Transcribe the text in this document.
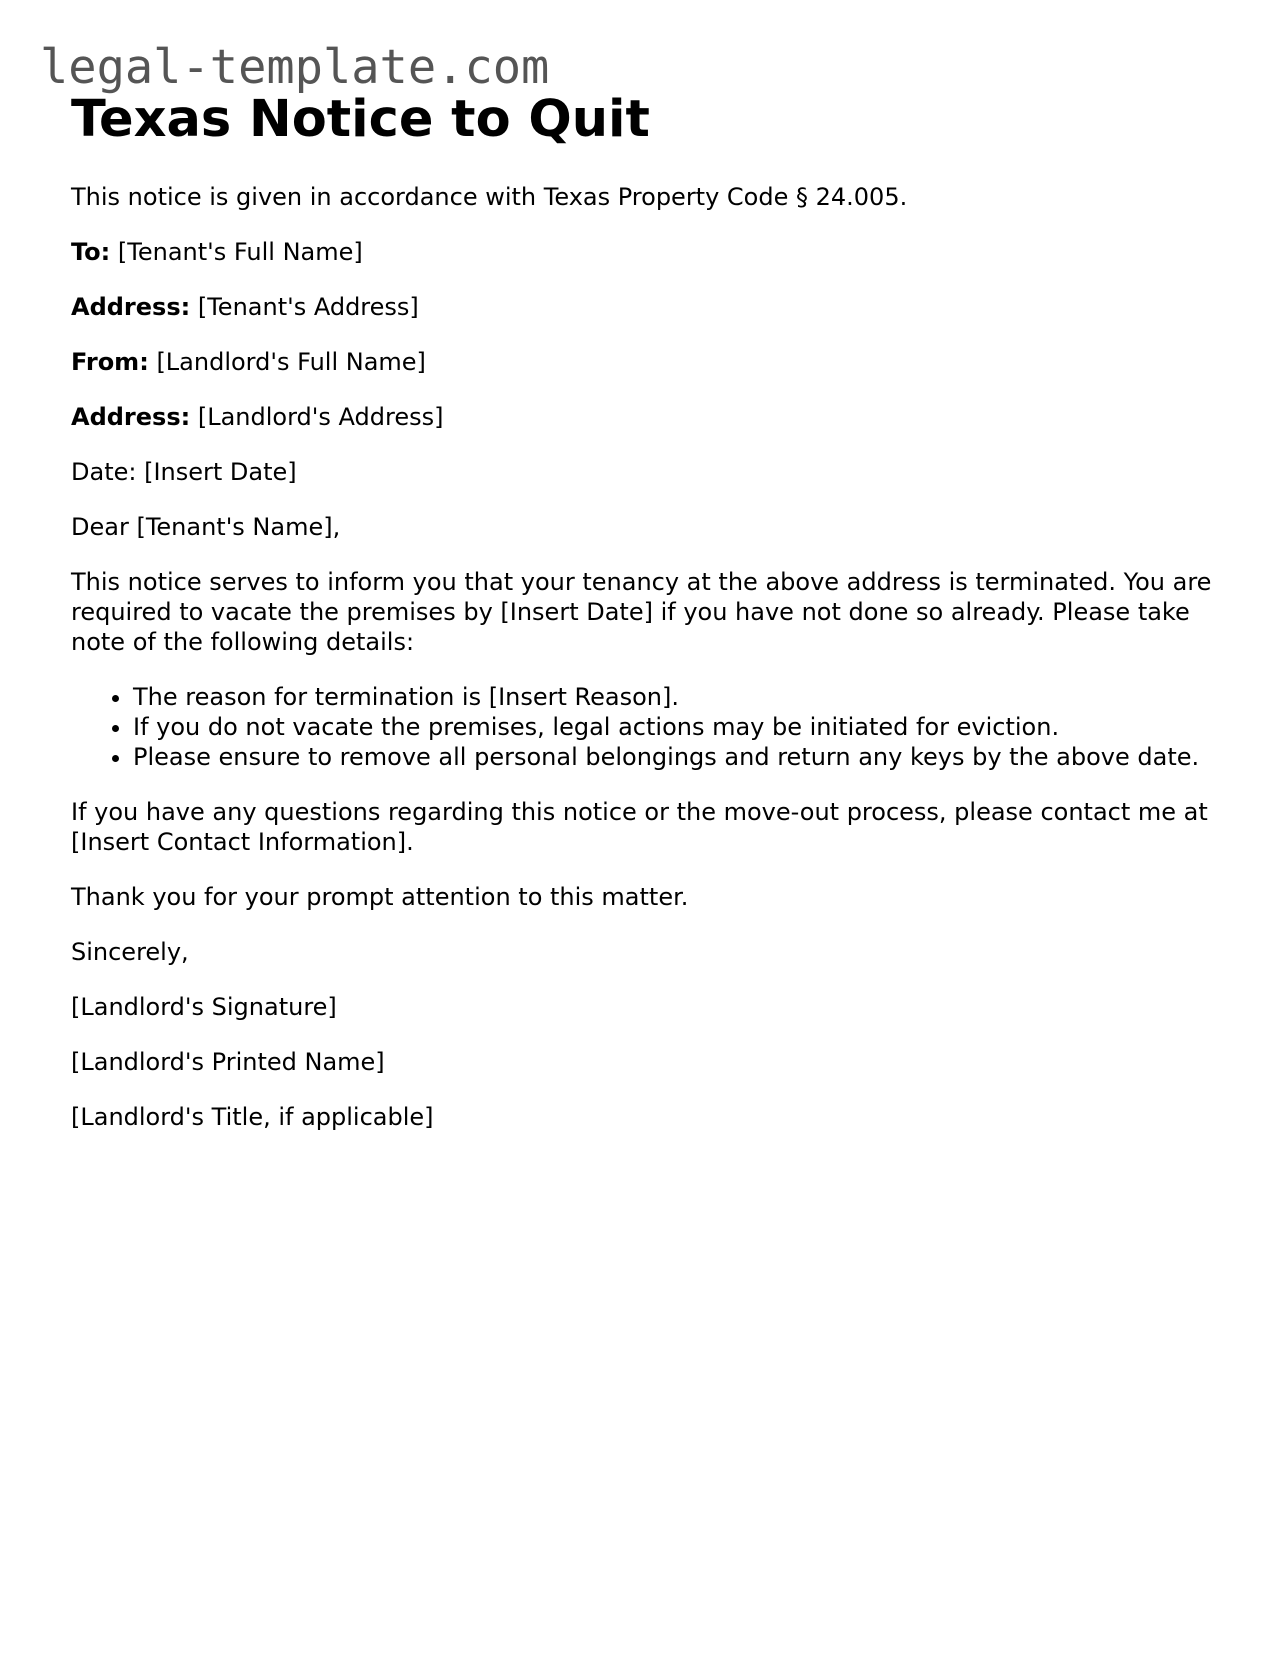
legal-template.com
Texas Notice to Quit

This notice is given in accordance with Texas Property Code § 24.005.

To: [Tenant's Full Name]

Address: [Tenant's Address]

From: [Landlord's Full Name]

Address: [Landlord's Address]

Date: [Insert Date]

Dear [Tenant's Name],

This notice serves to inform you that your tenancy at the above address is terminated. You are required to vacate the premises by [Insert Date] if you have not done so already. Please take note of the following details:

• The reason for termination is [Insert Reason].
• If you do not vacate the premises, legal actions may be initiated for eviction.
• Please ensure to remove all personal belongings and return any keys by the above date.

If you have any questions regarding this notice or the move-out process, please contact me at [Insert Contact Information].

Thank you for your prompt attention to this matter.

Sincerely,

[Landlord's Signature]

[Landlord's Printed Name]

[Landlord's Title, if applicable]
